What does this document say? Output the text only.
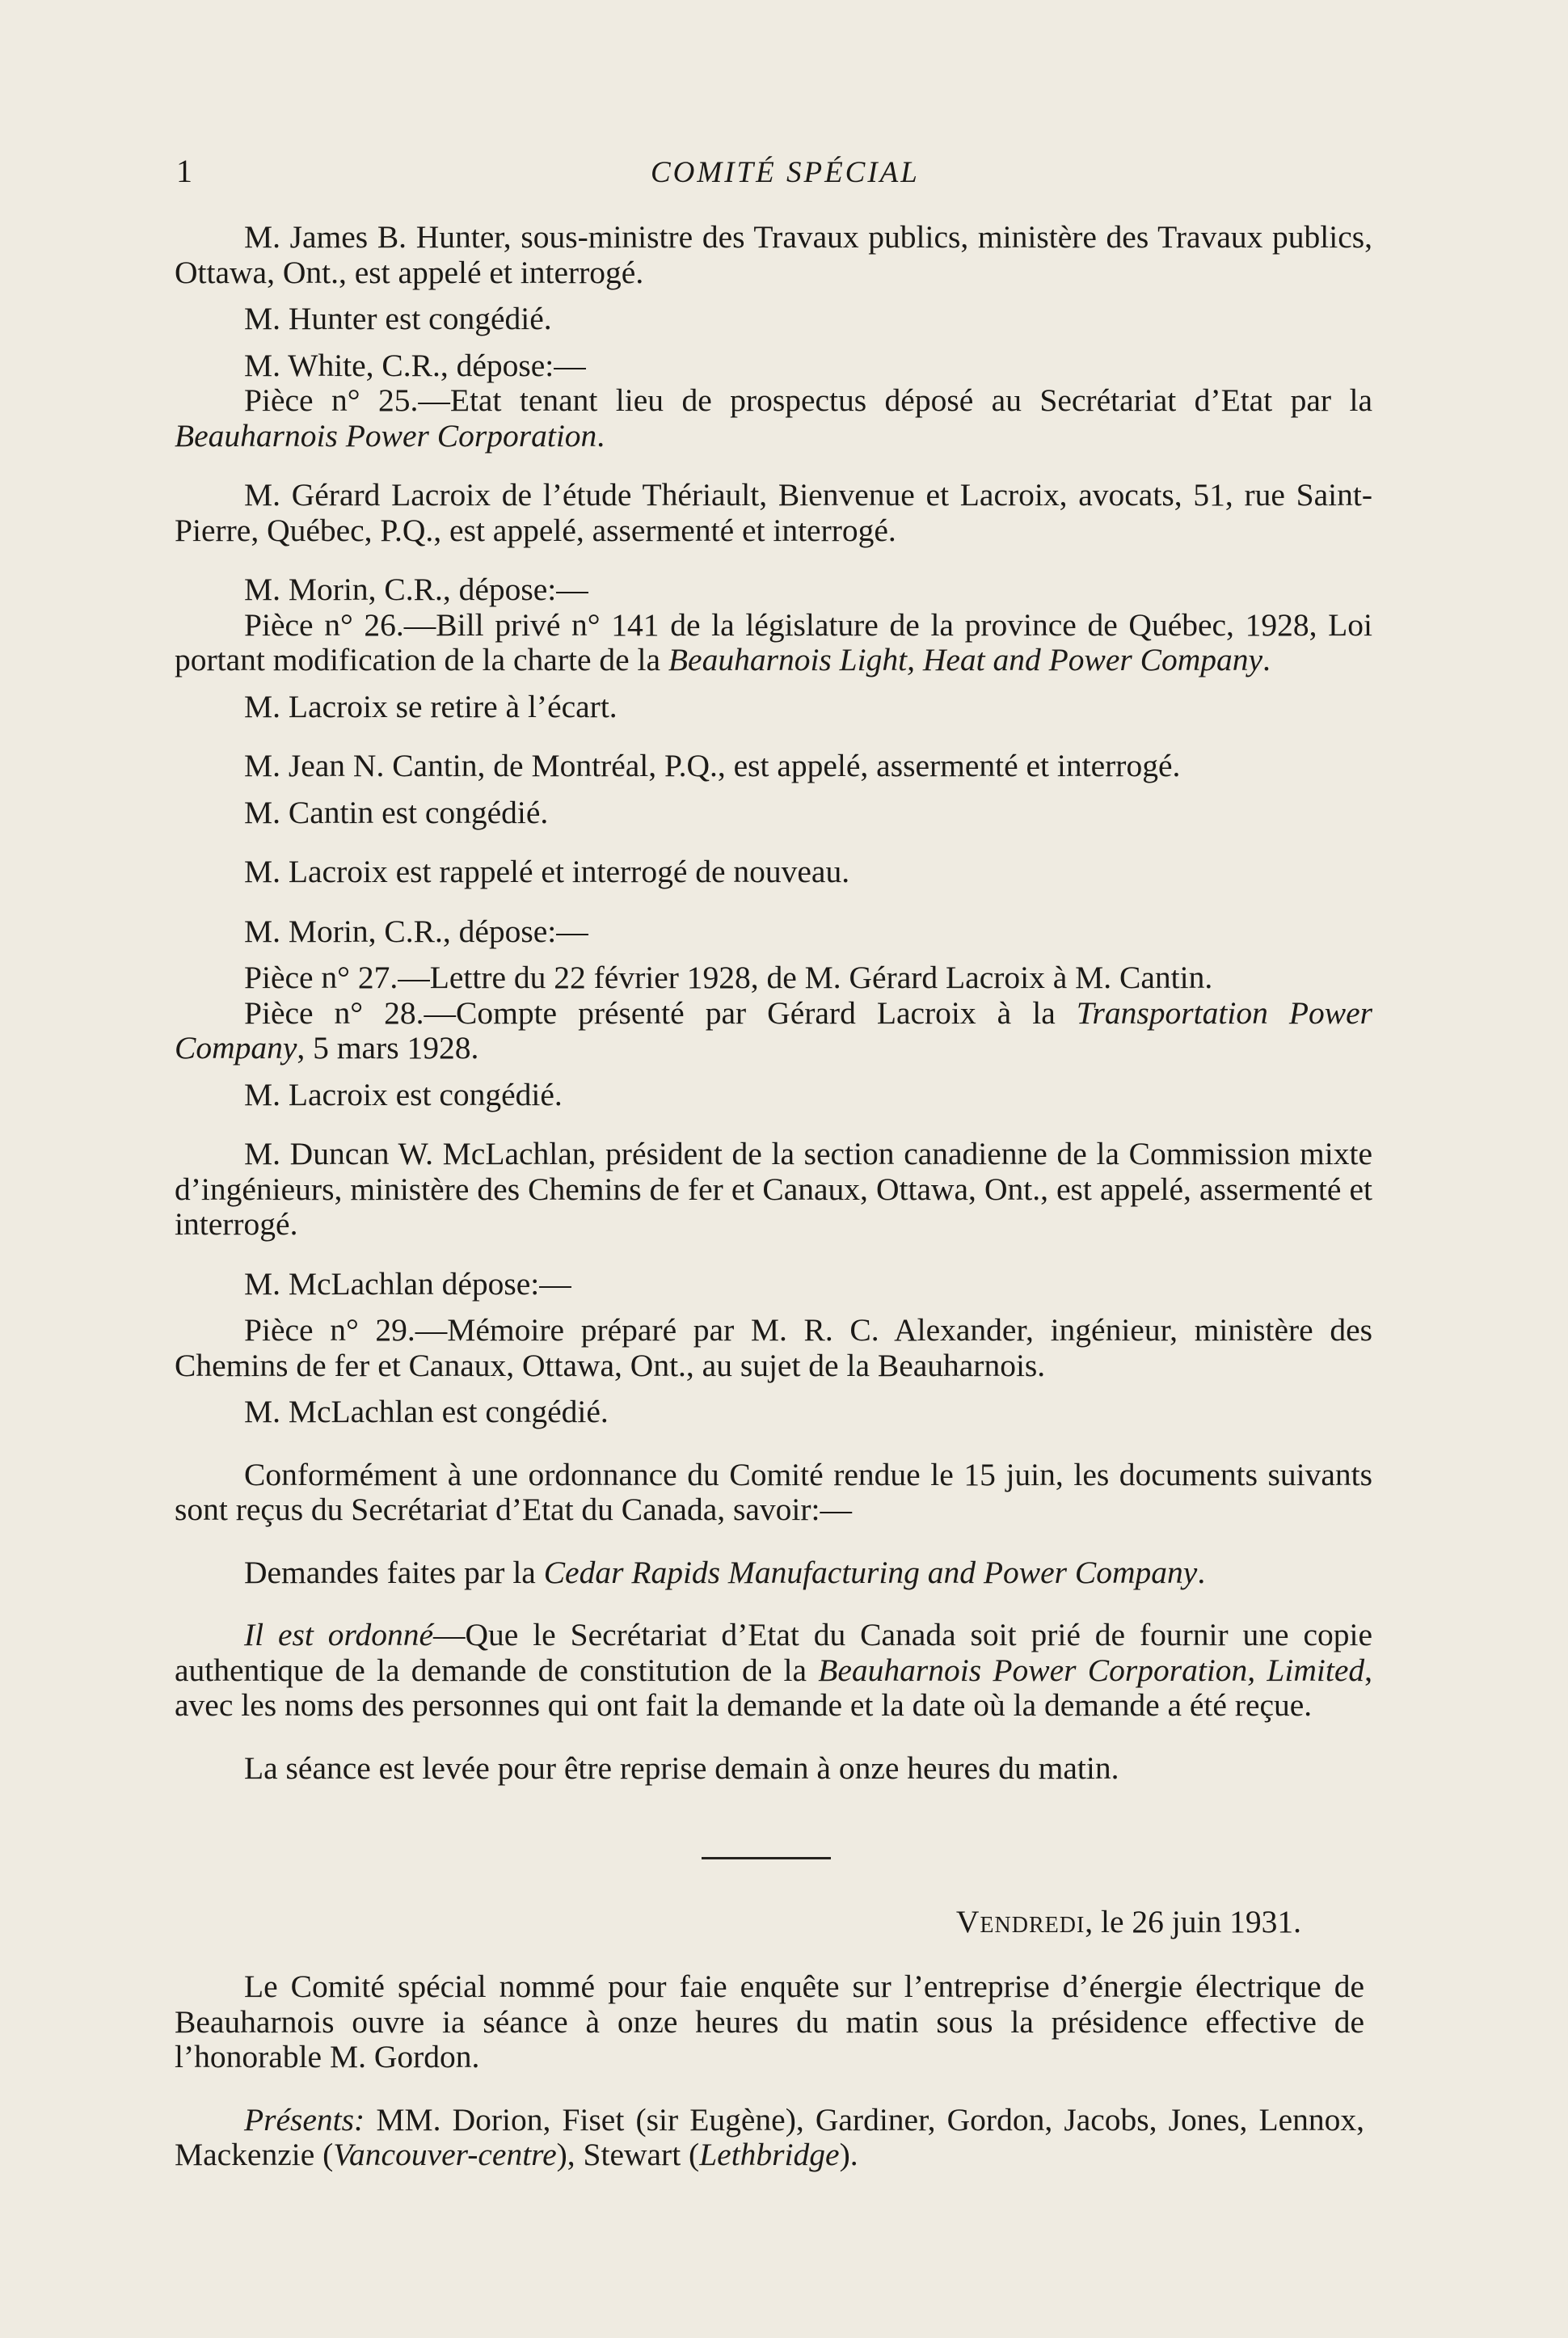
1	COMITÉ SPÉCIAL

M. James B. Hunter, sous-ministre des Travaux publics, ministère des Travaux publics, Ottawa, Ont., est appelé et interrogé.

M. Hunter est congédié.

M. White, C.R., dépose:—

Pièce n° 25.—Etat tenant lieu de prospectus déposé au Secrétariat d’Etat par la Beauharnois Power Corporation.

M. Gérard Lacroix de l’étude Thériault, Bienvenue et Lacroix, avocats, 51, rue Saint-Pierre, Québec, P.Q., est appelé, assermenté et interrogé.

M. Morin, C.R., dépose:—

Pièce n° 26.—Bill privé n° 141 de la législature de la province de Québec, 1928, Loi portant modification de la charte de la Beauharnois Light, Heat and Power Company.

M. Lacroix se retire à l’écart.

M. Jean N. Cantin, de Montréal, P.Q., est appelé, assermenté et interrogé.

M. Cantin est congédié.

M. Lacroix est rappelé et interrogé de nouveau.

M. Morin, C.R., dépose:—

Pièce n° 27.—Lettre du 22 février 1928, de M. Gérard Lacroix à M. Cantin.

Pièce n° 28.—Compte présenté par Gérard Lacroix à la Transportation Power Company, 5 mars 1928.

M. Lacroix est congédié.

M. Duncan W. McLachlan, président de la section canadienne de la Commission mixte d’ingénieurs, ministère des Chemins de fer et Canaux, Ottawa, Ont., est appelé, assermenté et interrogé.

M. McLachlan dépose:—

Pièce n° 29.—Mémoire préparé par M. R. C. Alexander, ingénieur, ministère des Chemins de fer et Canaux, Ottawa, Ont., au sujet de la Beauharnois.

M. McLachlan est congédié.

Conformément à une ordonnance du Comité rendue le 15 juin, les documents suivants sont reçus du Secrétariat d’Etat du Canada, savoir:—

Demandes faites par la Cedar Rapids Manufacturing and Power Company.

Il est ordonné—Que le Secrétariat d’Etat du Canada soit prié de fournir une copie authentique de la demande de constitution de la Beauharnois Power Corporation, Limited, avec les noms des personnes qui ont fait la demande et la date où la demande a été reçue.

La séance est levée pour être reprise demain à onze heures du matin.

Vendredi, le 26 juin 1931.

Le Comité spécial nommé pour faie enquête sur l’entreprise d’énergie électrique de Beauharnois ouvre ia séance à onze heures du matin sous la présidence effective de l’honorable M. Gordon.

Présents: MM. Dorion, Fiset (sir Eugène), Gardiner, Gordon, Jacobs, Jones, Lennox, Mackenzie (Vancouver-centre), Stewart (Lethbridge).
